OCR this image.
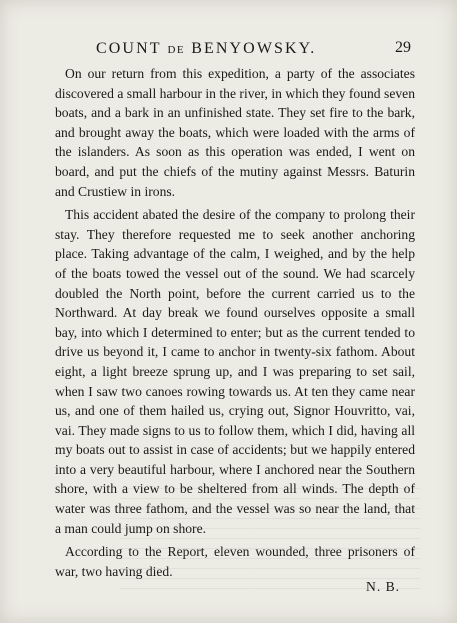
COUNT DE BENYOWSKY.	29

On our return from this expedition, a party of the associates discovered a small harbour in the river, in which they found seven boats, and a bark in an unfinished state. They set fire to the bark, and brought away the boats, which were loaded with the arms of the islanders. As soon as this operation was ended, I went on board, and put the chiefs of the mutiny against Messrs. Baturin and Crustiew in irons.

This accident abated the desire of the company to prolong their stay. They therefore requested me to seek another anchoring place. Taking advantage of the calm, I weighed, and by the help of the boats towed the vessel out of the sound. We had scarcely doubled the North point, before the current carried us to the Northward. At day break we found ourselves opposite a small bay, into which I determined to enter; but as the current tended to drive us beyond it, I came to anchor in twenty-six fathom. About eight, a light breeze sprung up, and I was preparing to set sail, when I saw two canoes rowing towards us. At ten they came near us, and one of them hailed us, crying out, Signor Houvritto, vai, vai. They made signs to us to follow them, which I did, having all my boats out to assist in case of accidents; but we happily entered into a very beautiful harbour, where I anchored near the Southern shore, with a view to be sheltered from all winds. The depth of water was three fathom, and the vessel was so near the land, that a man could jump on shore.

According to the Report, eleven wounded, three prisoners of war, two having died.

N. B.
